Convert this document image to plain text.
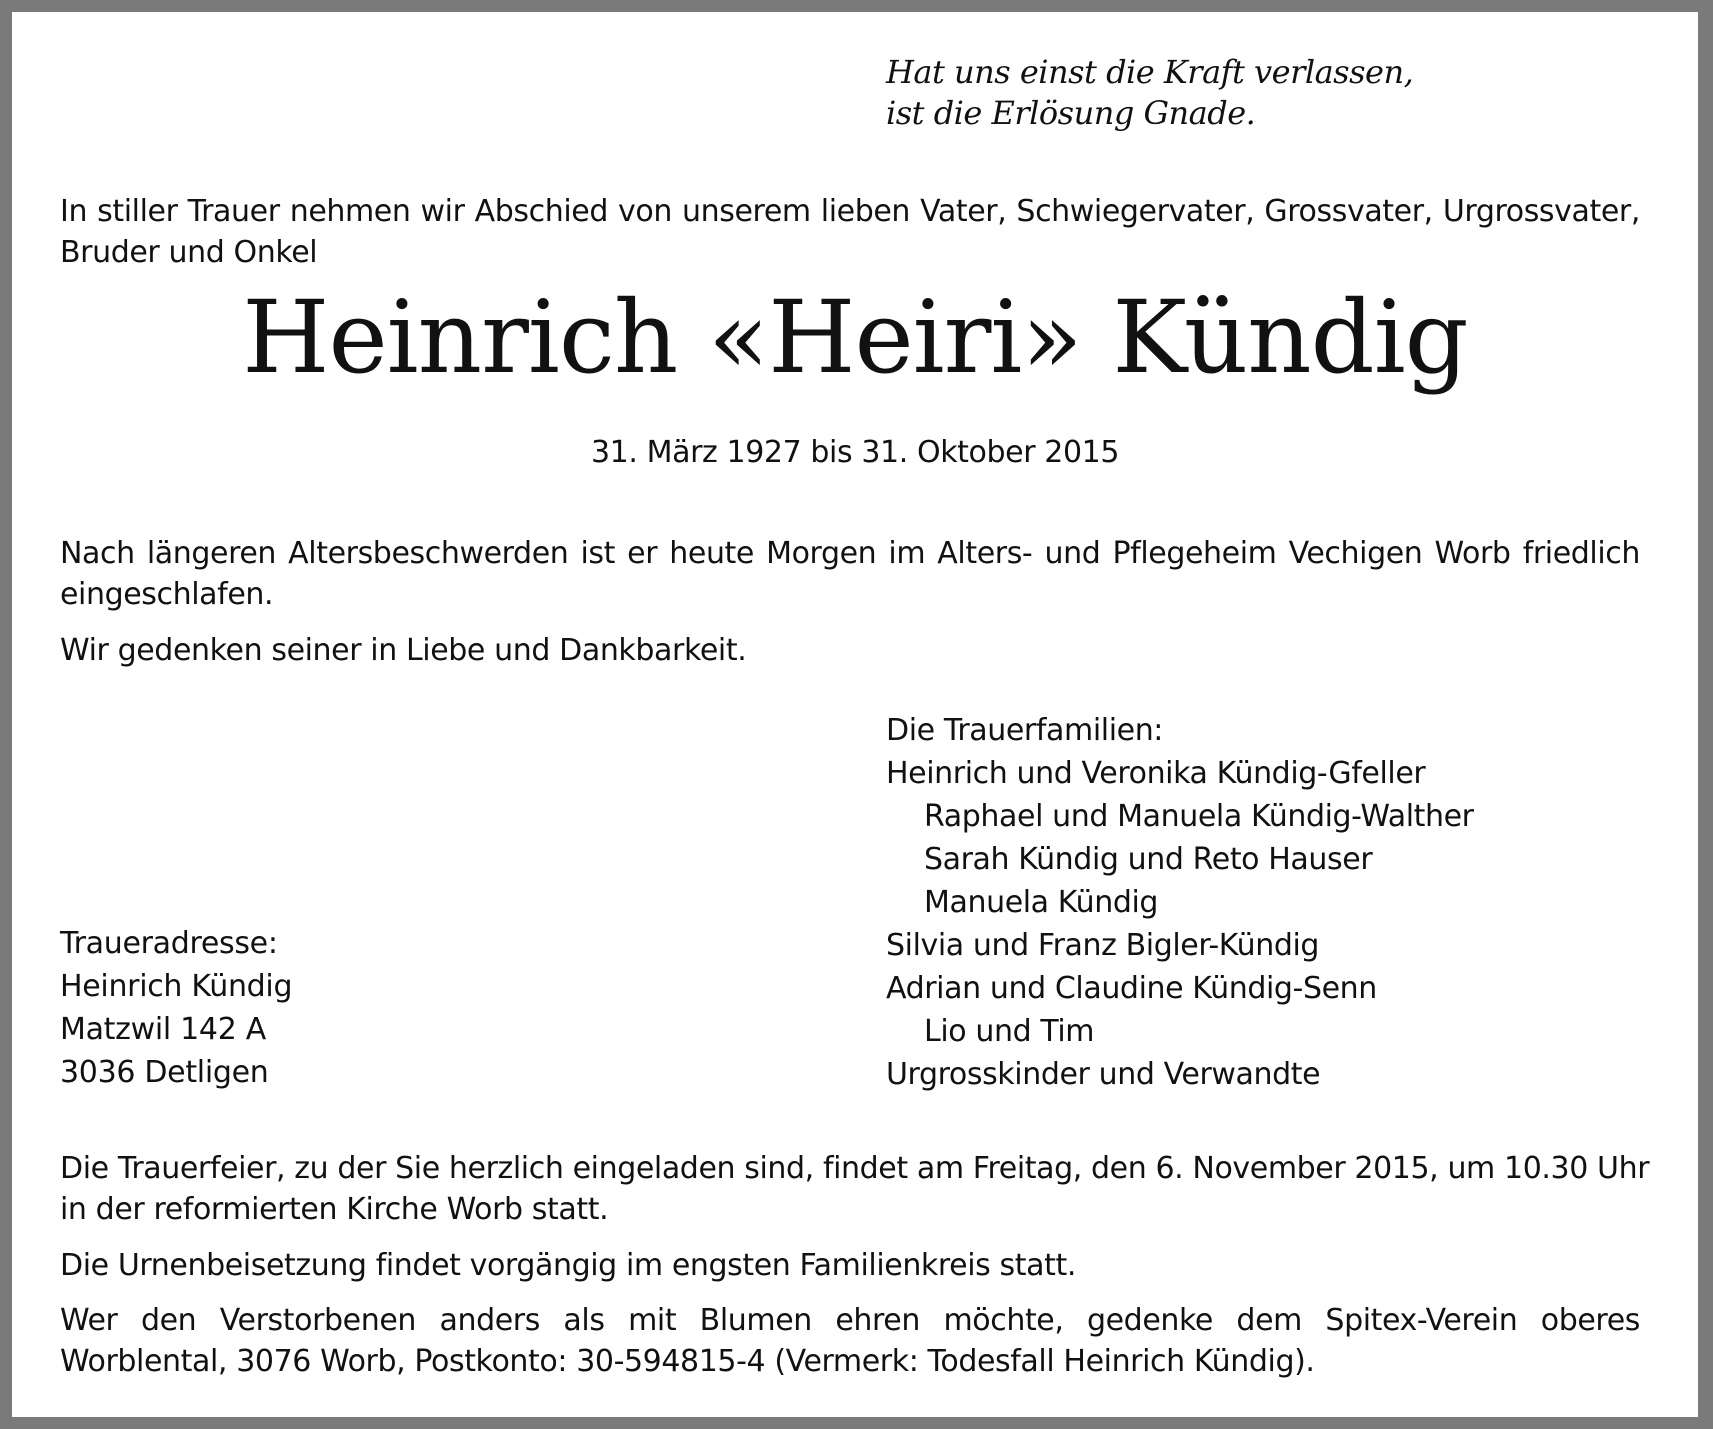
Hat uns einst die Kraft verlassen,
ist die Erlösung Gnade.
In stiller Trauer nehmen wir Abschied von unserem lieben Vater, Schwiegervater, Grossvater, Urgrossvater, Bruder und Onkel
Heinrich «Heiri» Kündig
31. März 1927 bis 31. Oktober 2015
Nach längeren Altersbeschwerden ist er heute Morgen im Alters- und Pflegeheim Vechigen Worb friedlich eingeschlafen.
Wir gedenken seiner in Liebe und Dankbarkeit.
Die Trauerfamilien:
Heinrich und Veronika Kündig-Gfeller
Raphael und Manuela Kündig-Walther
Sarah Kündig und Reto Hauser
Manuela Kündig
Silvia und Franz Bigler-Kündig
Adrian und Claudine Kündig-Senn
Lio und Tim
Urgrosskinder und Verwandte
Traueradresse:
Heinrich Kündig
Matzwil 142 A
3036 Detligen
Die Trauerfeier, zu der Sie herzlich eingeladen sind, findet am Freitag, den 6. November 2015, um 10.30 Uhr in der reformierten Kirche Worb statt.
Die Urnenbeisetzung findet vorgängig im engsten Familienkreis statt.
Wer den Verstorbenen anders als mit Blumen ehren möchte, gedenke dem Spitex-Verein oberes Worblental, 3076 Worb, Postkonto: 30-594815-4 (Vermerk: Todesfall Heinrich Kündig).
